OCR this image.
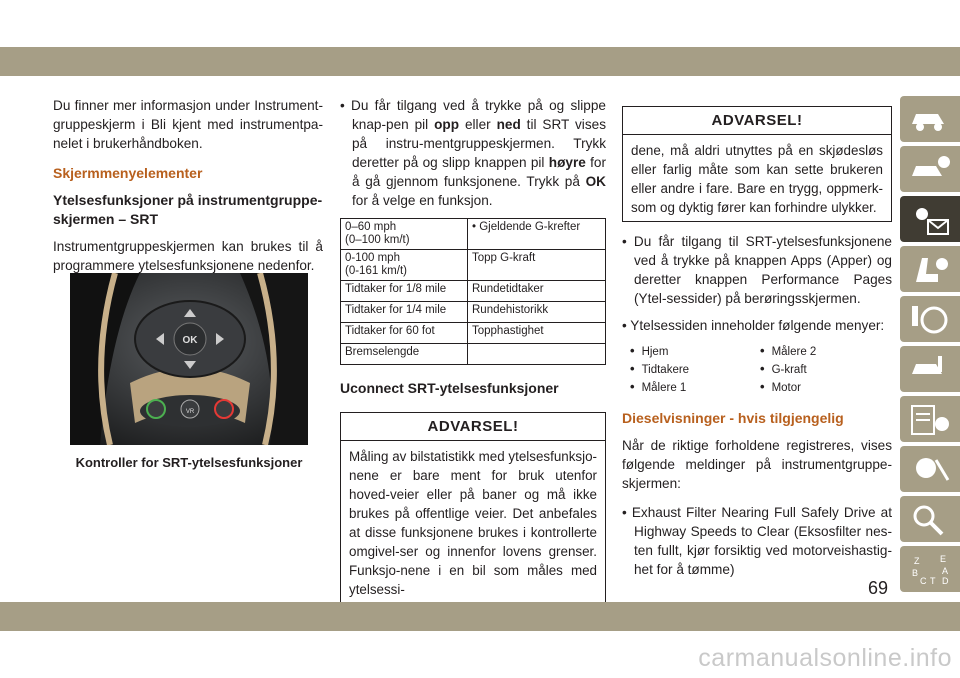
Du finner mer informasjon under Instrument-gruppeskjerm i Bli kjent med instrumentpa-nelet i brukerhåndboken.

Skjermmenyelementer
Ytelsesfunksjoner på instrumentgruppe-skjermen – SRT

Instrumentgruppeskjermen kan brukes til å programmere ytelsesfunksjonene nedenfor.

OK
VR
Kontroller for SRT-ytelsesfunksjoner

• Du får tilgang ved å trykke på og slippe knap-pen pil opp eller ned til SRT vises på instru-mentgruppeskjermen. Trykk deretter på og slipp knappen pil høyre for å gå gjennom funksjonene. Trykk på OK for å velge en funksjon.

0–60 mph
(0–100 km/t)	• Gjeldende G-krefter
0-100 mph
(0-161 km/t)	Topp G-kraft
Tidtaker for 1/8 mile	Rundetidtaker
Tidtaker for 1/4 mile	Rundehistorikk
Tidtaker for 60 fot	Topphastighet
Bremselengde	
Uconnect SRT-ytelsesfunksjoner
ADVARSEL!
Måling av bilstatistikk med ytelsesfunksjo-nene er bare ment for bruk utenfor hoved-veier eller på baner og må ikke brukes på offentlige veier. Det anbefales at disse funksjonene brukes i kontrollerte omgivel-ser og innenfor lovens grenser. Funksjo-nene i en bil som måles med ytelsessi-
ADVARSEL!
dene, må aldri utnyttes på en skjødesløs eller farlig måte som kan sette brukeren eller andre i fare. Bare en trygg, oppmerk-som og dyktig fører kan forhindre ulykker.

• Du får tilgang til SRT-ytelsesfunksjonene ved å trykke på knappen Apps (Apper) og deretter knappen Performance Pages (Ytel-sessider) på berøringsskjermen.

• Ytelsessiden inneholder følgende menyer:

• Hjem	• Målere 2
• Tidtakere	• G-kraft
• Målere 1	• Motor
Dieselvisninger - hvis tilgjengelig

Når de riktige forholdene registreres, vises følgende meldinger på instrumentgruppe-skjermen:

• Exhaust Filter Nearing Full Safely Drive at Highway Speeds to Clear (Eksosfilter nes-ten fullt, kjør forsiktig ved motorveishastig-het for å tømme)

Z E
B	A
C D
T
69
carmanualsonline.info
